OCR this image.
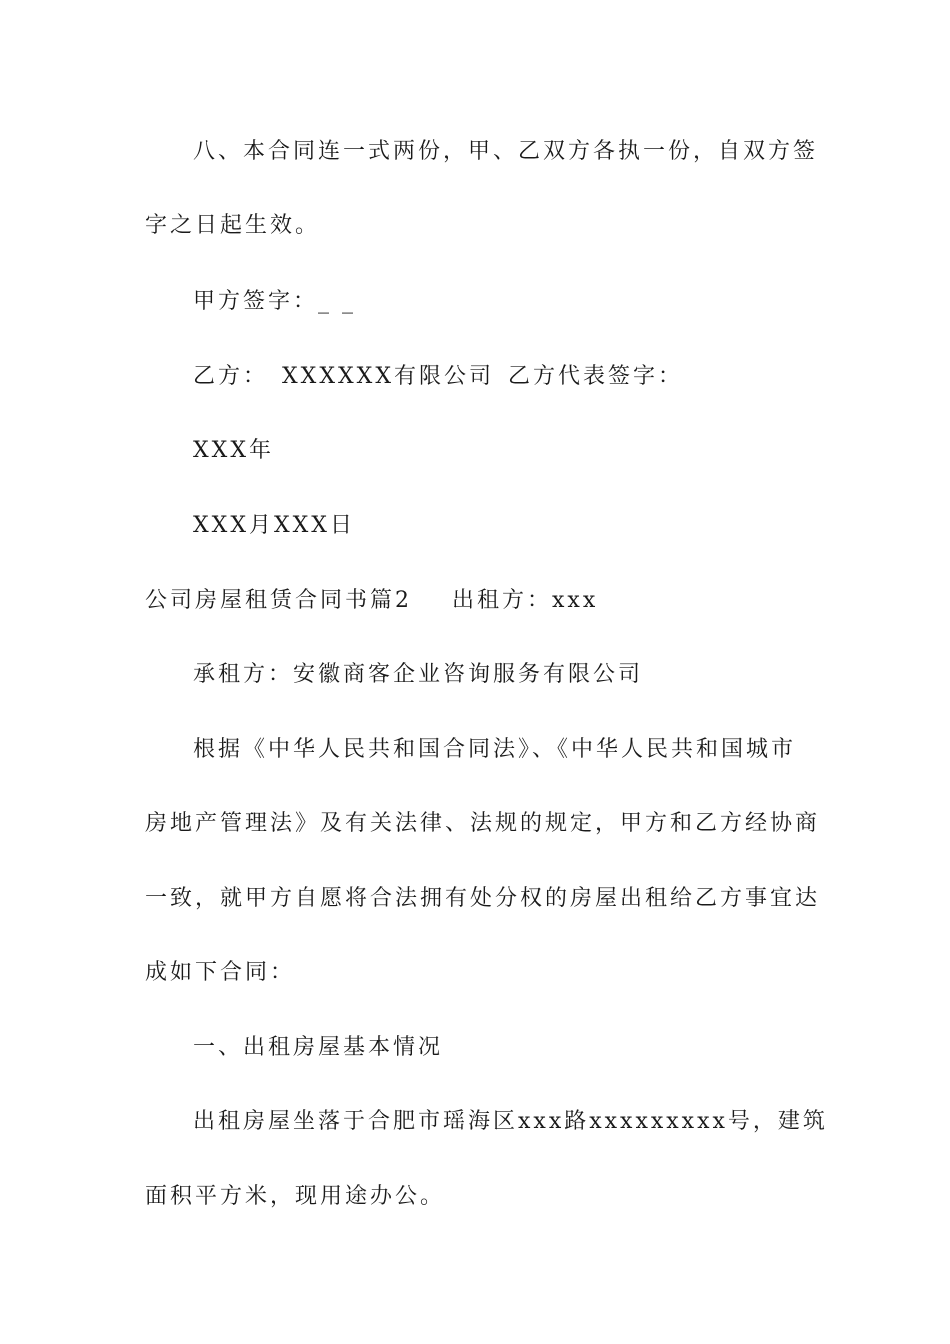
八、本合同连一式两份，甲、乙双方各执一份，自双方签
字之日起生效。
甲方签字：_ _
乙方： XXXXXX有限公司 乙方代表签字：
XXX年
XXX月XXX日
公司房屋租赁合同书篇2 出租方：xxx
承租方：安徽商客企业咨询服务有限公司
根据《中华人民共和国合同法》、《中华人民共和国城市
房地产管理法》及有关法律、法规的规定，甲方和乙方经协商
一致，就甲方自愿将合法拥有处分权的房屋出租给乙方事宜达
成如下合同：
一、出租房屋基本情况
出租房屋坐落于合肥市瑶海区xxx路xxxxxxxxx号，建筑
面积平方米，现用途办公。
